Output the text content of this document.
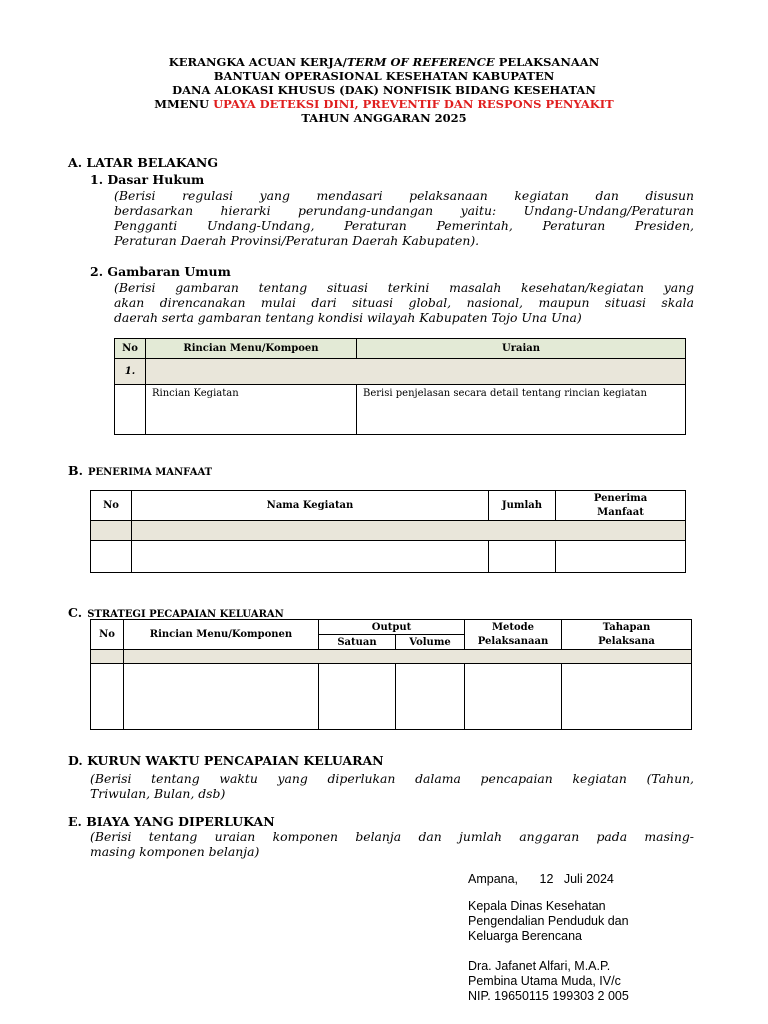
KERANGKA ACUAN KERJA/TERM OF REFERENCE PELAKSANAAN
BANTUAN OPERASIONAL KESEHATAN KABUPATEN
DANA ALOKASI KHUSUS (DAK) NONFISIK BIDANG KESEHATAN
MMENU UPAYA DETEKSI DINI, PREVENTIF DAN RESPONS PENYAKIT
TAHUN ANGGARAN 2025
A. LATAR BELAKANG
1. Dasar Hukum
(Berisi regulasi yang mendasari pelaksanaan kegiatan dan disusun
berdasarkan hierarki perundang-undangan yaitu: Undang-Undang/Peraturan
Pengganti Undang-Undang, Peraturan Pemerintah, Peraturan Presiden,
Peraturan Daerah Provinsi/Peraturan Daerah Kabupaten).
2. Gambaran Umum
(Berisi gambaran tentang situasi terkini masalah kesehatan/kegiatan yang
akan direncanakan mulai dari situasi global, nasional, maupun situasi skala
daerah serta gambaran tentang kondisi wilayah Kabupaten Tojo Una Una)
No	Rincian Menu/Kompoen	Uraian
1.		
	Rincian Kegiatan	Berisi penjelasan secara detail tentang rincian kegiatan
B. PENERIMA MANFAAT
No	Nama Kegiatan	Jumlah	Penerima Manfaat

C. STRATEGI PECAPAIAN KELUARAN
No	Rincian Menu/Komponen	Output		Metode Pelaksanaan	Tahapan Pelaksana
		Satuan	Volume		

D. KURUN WAKTU PENCAPAIAN KELUARAN
(Berisi tentang waktu yang diperlukan dalama pencapaian kegiatan (Tahun,
Triwulan, Bulan, dsb)
E. BIAYA YANG DIPERLUKAN
(Berisi tentang uraian komponen belanja dan jumlah anggaran pada masing-
masing komponen belanja)
Ampana, 12   Juli 2024
Kepala Dinas Kesehatan
Pengendalian Penduduk dan
Keluarga Berencana
Dra. Jafanet Alfari, M.A.P.
Pembina Utama Muda, IV/c
NIP. 19650115 199303 2 005
